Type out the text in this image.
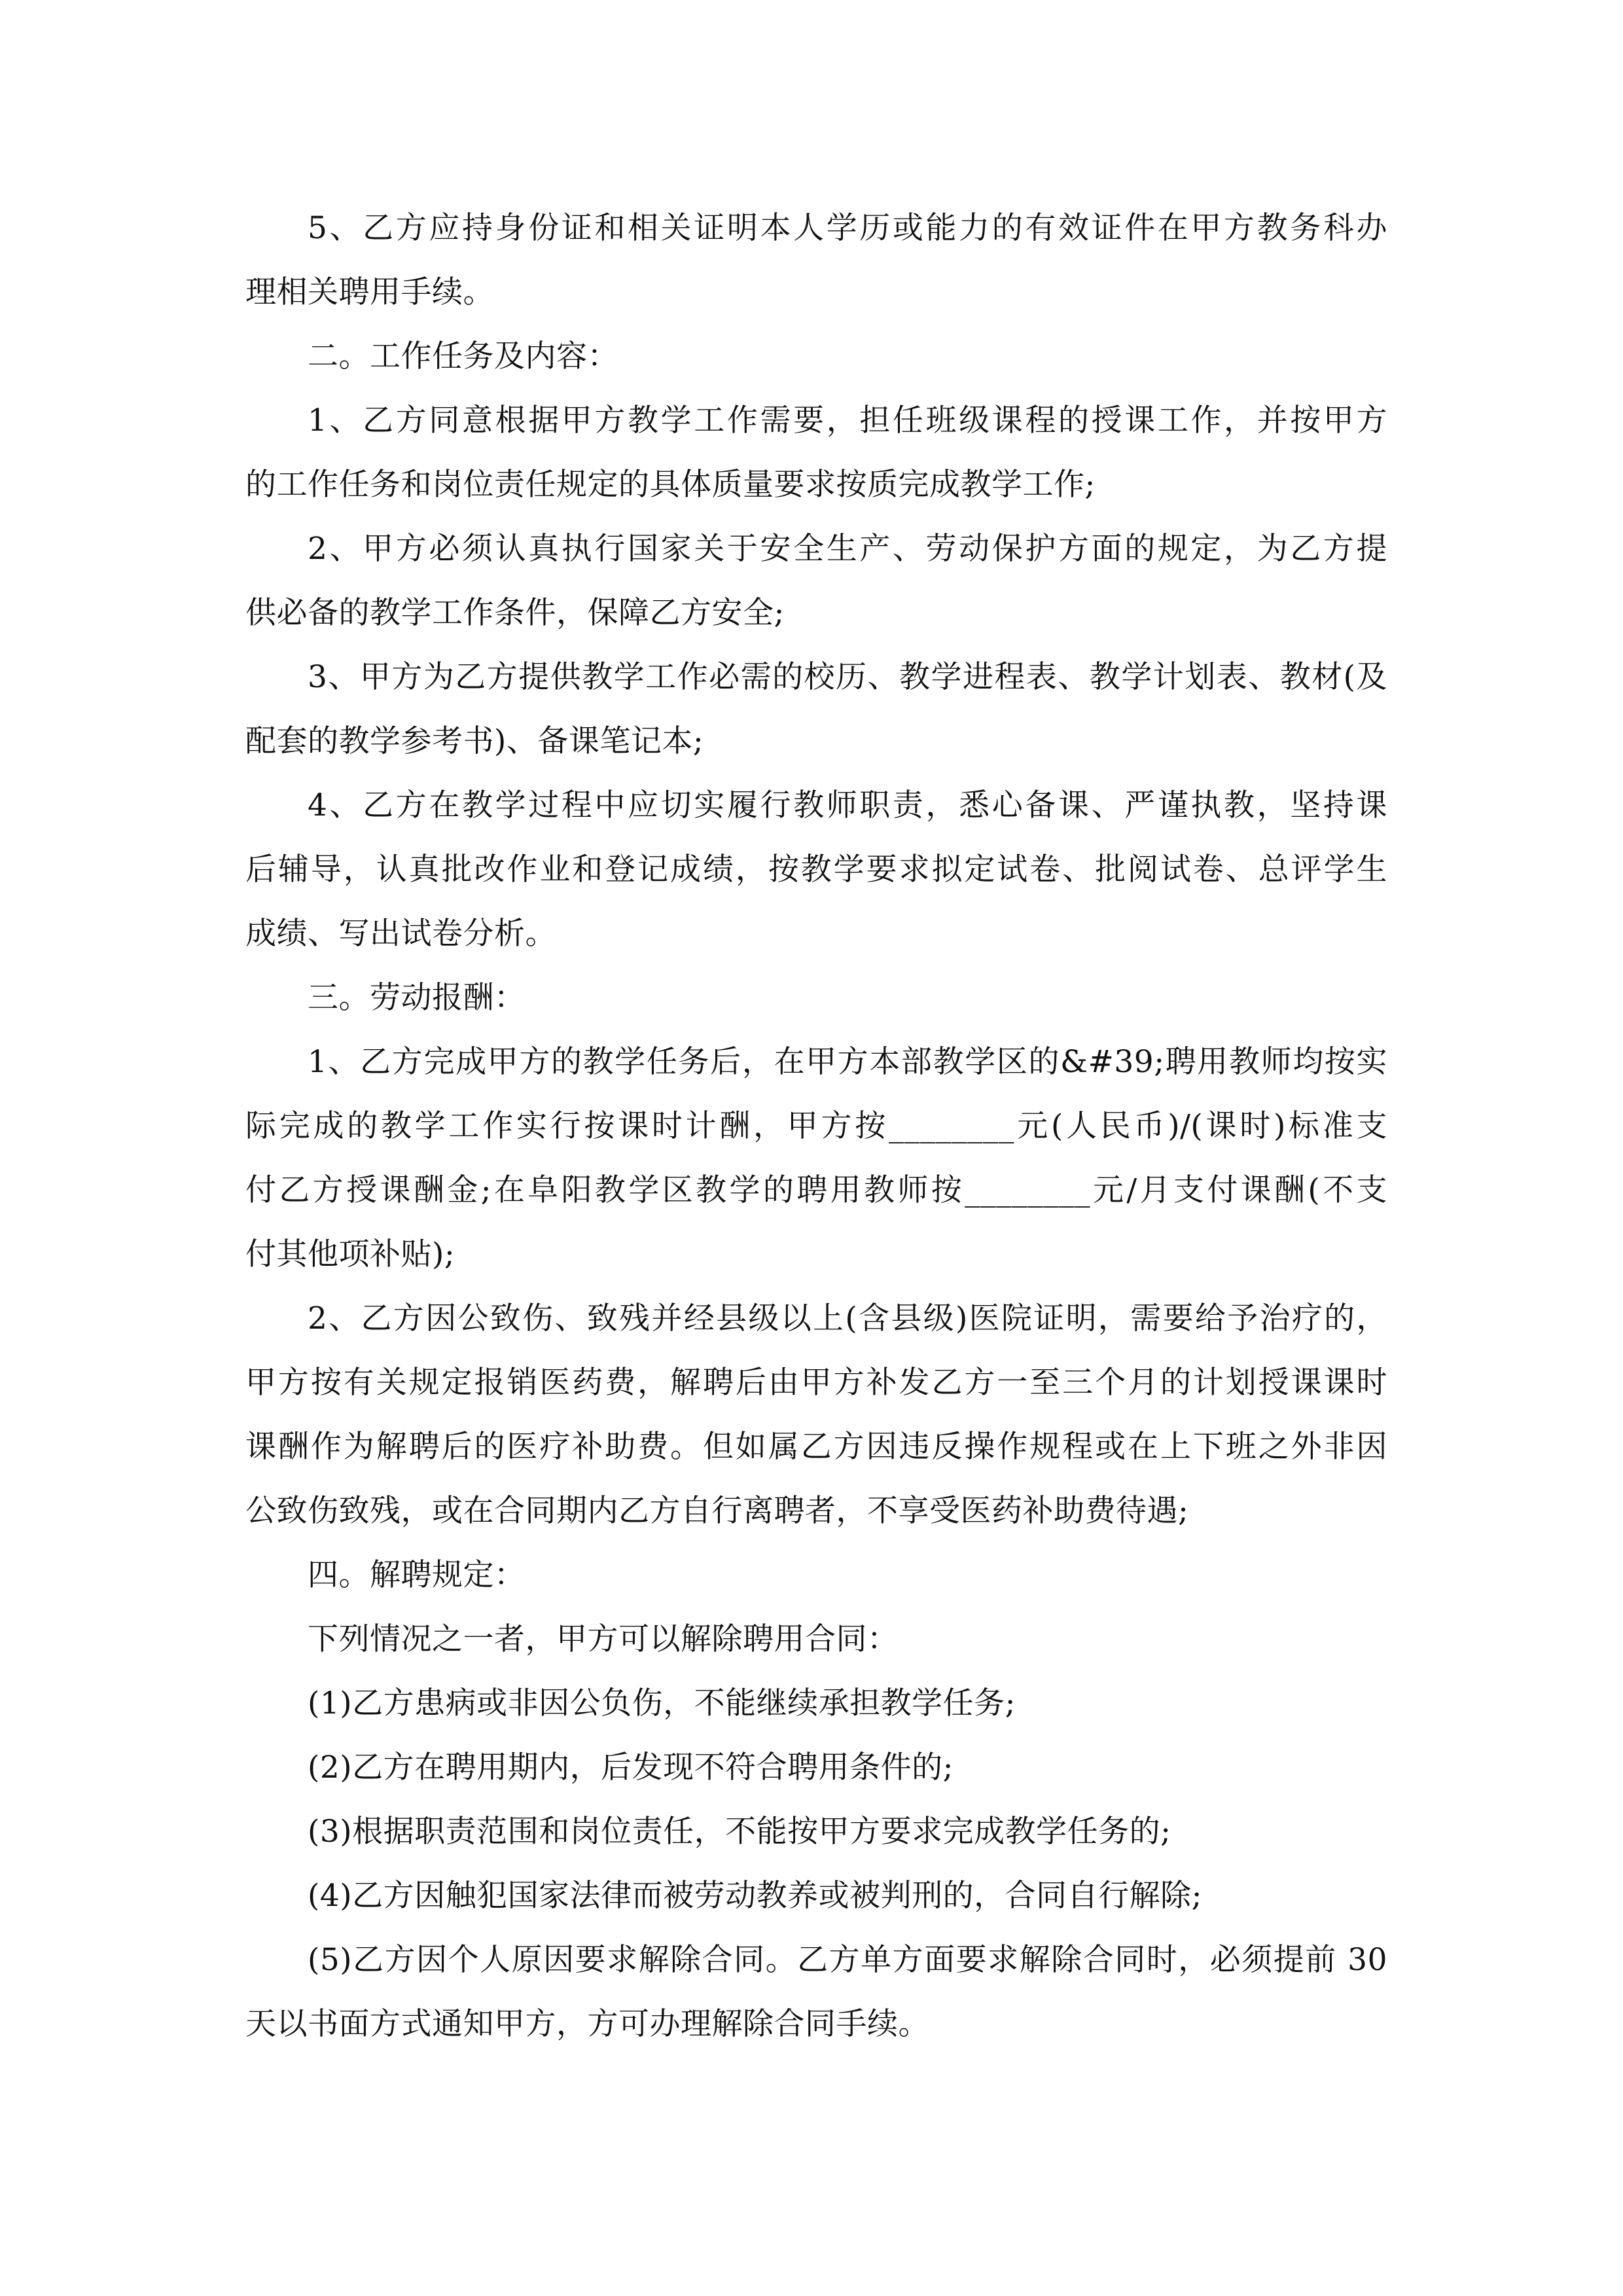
5、乙方应持身份证和相关证明本人学历或能力的有效证件在甲方教务科办
理相关聘用手续。
二。工作任务及内容：
1、乙方同意根据甲方教学工作需要，担任班级课程的授课工作，并按甲方
的工作任务和岗位责任规定的具体质量要求按质完成教学工作;
2、甲方必须认真执行国家关于安全生产、劳动保护方面的规定，为乙方提
供必备的教学工作条件，保障乙方安全;
3、甲方为乙方提供教学工作必需的校历、教学进程表、教学计划表、教材(及
配套的教学参考书)、备课笔记本;
4、乙方在教学过程中应切实履行教师职责，悉心备课、严谨执教，坚持课
后辅导，认真批改作业和登记成绩，按教学要求拟定试卷、批阅试卷、总评学生
成绩、写出试卷分析。
三。劳动报酬：
1、乙方完成甲方的教学任务后，在甲方本部教学区的&#39;聘用教师均按实
际完成的教学工作实行按课时计酬，甲方按________元(人民币)/(课时)标准支
付乙方授课酬金;在阜阳教学区教学的聘用教师按________元/月支付课酬(不支
付其他项补贴);
2、乙方因公致伤、致残并经县级以上(含县级)医院证明，需要给予治疗的，
甲方按有关规定报销医药费，解聘后由甲方补发乙方一至三个月的计划授课课时
课酬作为解聘后的医疗补助费。但如属乙方因违反操作规程或在上下班之外非因
公致伤致残，或在合同期内乙方自行离聘者，不享受医药补助费待遇;
四。解聘规定：
下列情况之一者，甲方可以解除聘用合同：
(1)乙方患病或非因公负伤，不能继续承担教学任务;
(2)乙方在聘用期内，后发现不符合聘用条件的;
(3)根据职责范围和岗位责任，不能按甲方要求完成教学任务的;
(4)乙方因触犯国家法律而被劳动教养或被判刑的，合同自行解除;
(5)乙方因个人原因要求解除合同。乙方单方面要求解除合同时，必须提前 30
天以书面方式通知甲方，方可办理解除合同手续。
